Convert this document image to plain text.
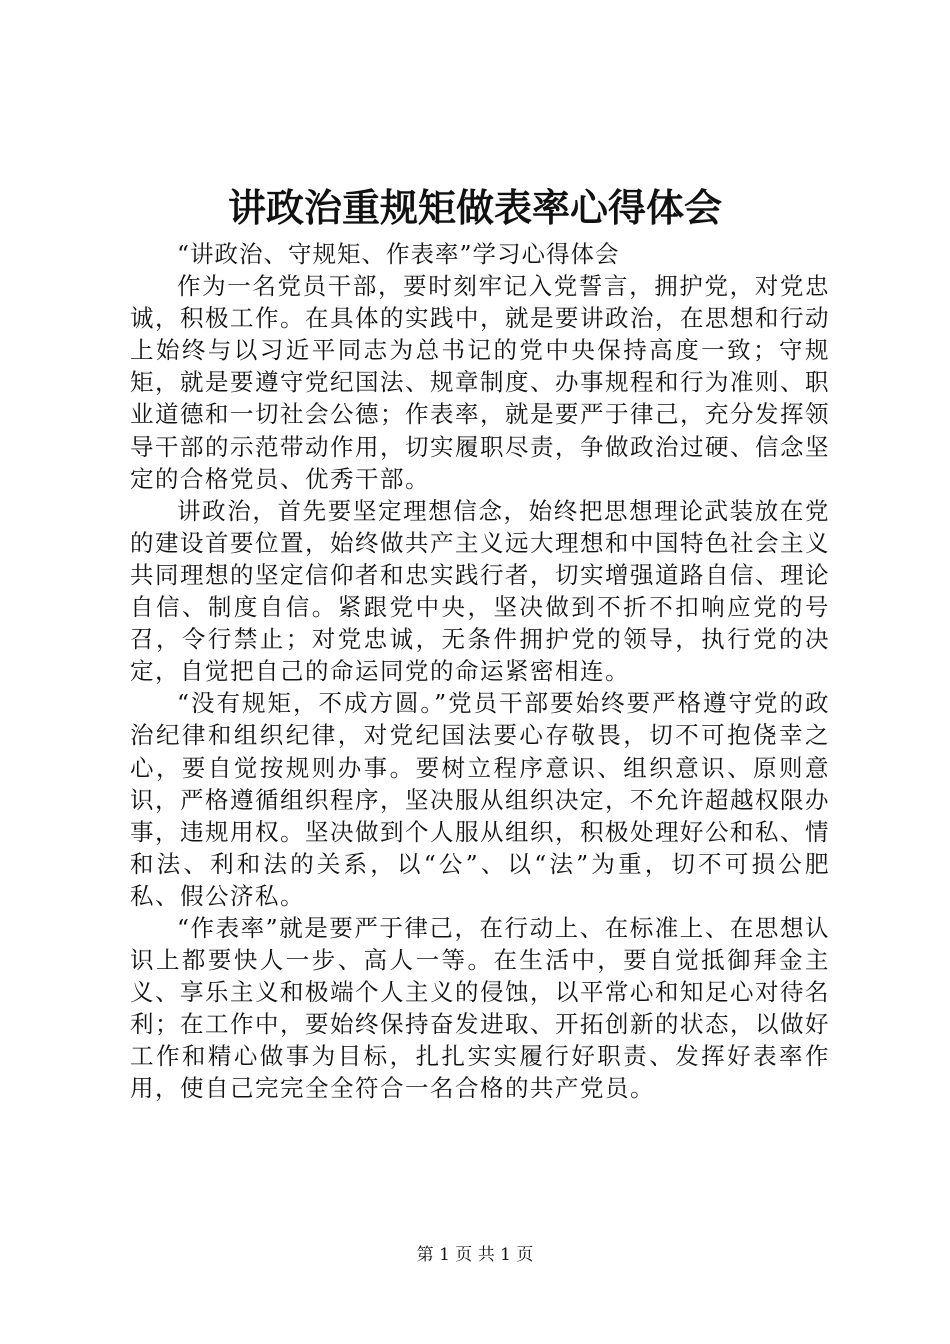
讲政治重规矩做表率心得体会

“讲政治、守规矩、作表率”学习心得体会

作为一名党员干部，要时刻牢记入党誓言，拥护党，对党忠诚，积极工作。在具体的实践中，就是要讲政治，在思想和行动上始终与以习近平同志为总书记的党中央保持高度一致；守规矩，就是要遵守党纪国法、规章制度、办事规程和行为准则、职业道德和一切社会公德；作表率，就是要严于律己，充分发挥领导干部的示范带动作用，切实履职尽责，争做政治过硬、信念坚定的合格党员、优秀干部。

讲政治，首先要坚定理想信念，始终把思想理论武装放在党的建设首要位置，始终做共产主义远大理想和中国特色社会主义共同理想的坚定信仰者和忠实践行者，切实增强道路自信、理论自信、制度自信。紧跟党中央，坚决做到不折不扣响应党的号召，令行禁止；对党忠诚，无条件拥护党的领导，执行党的决定，自觉把自己的命运同党的命运紧密相连。

“没有规矩，不成方圆。”党员干部要始终要严格遵守党的政治纪律和组织纪律，对党纪国法要心存敬畏，切不可抱侥幸之心，要自觉按规则办事。要树立程序意识、组织意识、原则意识，严格遵循组织程序，坚决服从组织决定，不允许超越权限办事，违规用权。坚决做到个人服从组织，积极处理好公和私、情和法、利和法的关系，以“公”、以“法”为重，切不可损公肥私、假公济私。

“作表率”就是要严于律己，在行动上、在标准上、在思想认识上都要快人一步、高人一等。在生活中，要自觉抵御拜金主义、享乐主义和极端个人主义的侵蚀，以平常心和知足心对待名利；在工作中，要始终保持奋发进取、开拓创新的状态，以做好工作和精心做事为目标，扎扎实实履行好职责、发挥好表率作用，使自己完完全全符合一名合格的共产党员。

第 1 页 共 1 页
